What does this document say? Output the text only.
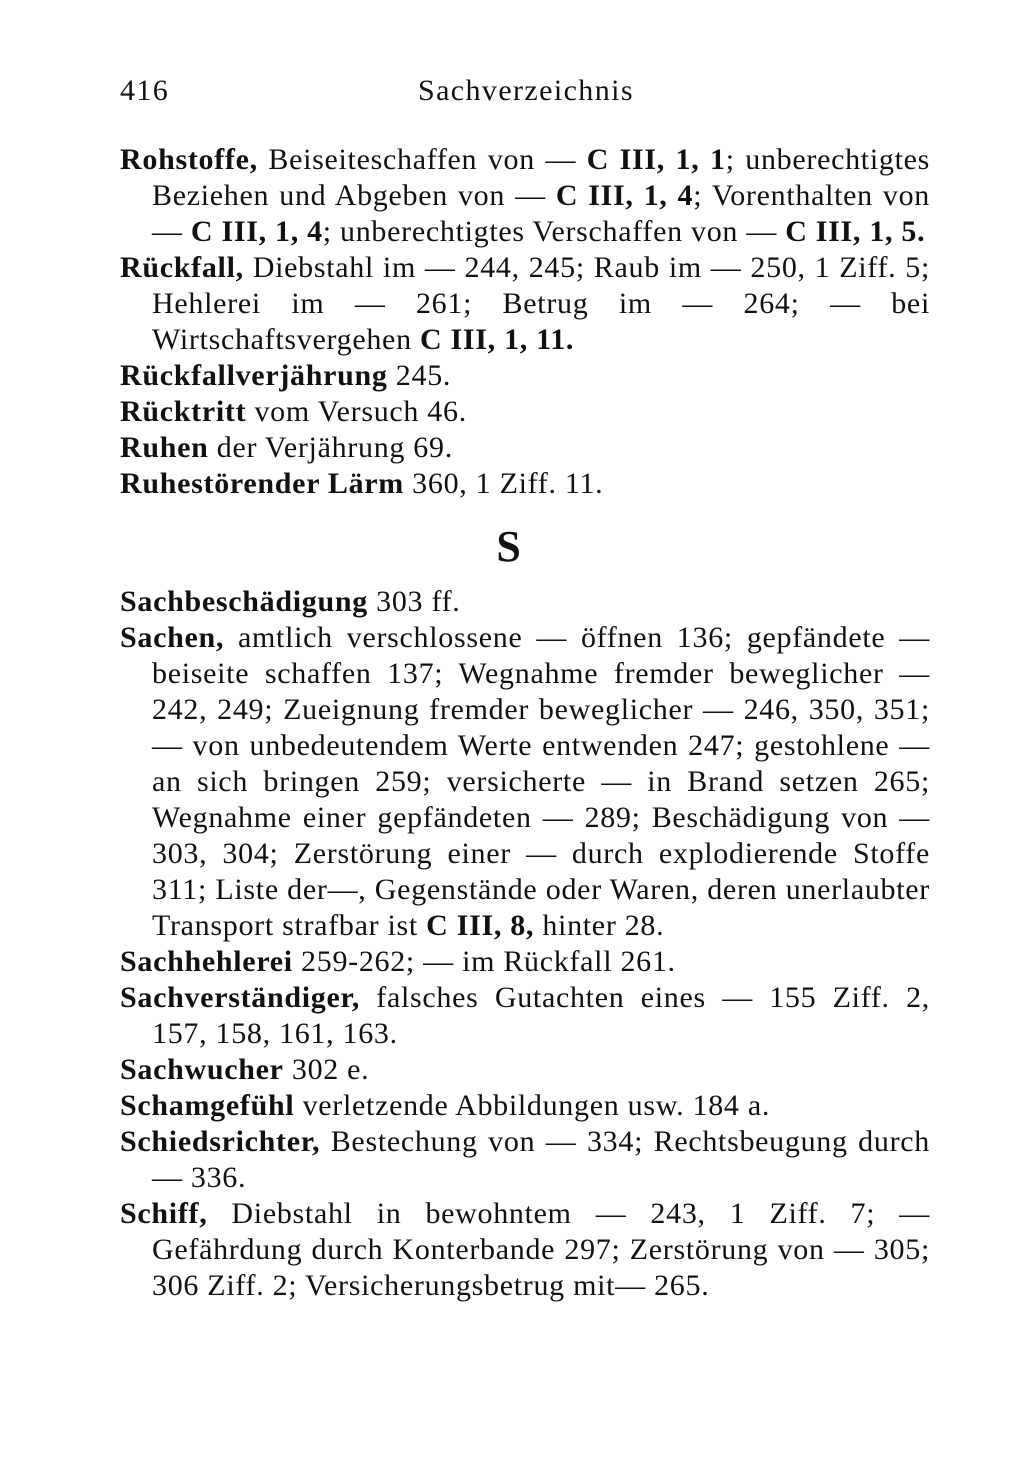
416	Sachverzeichnis
Rohstoffe, Beiseiteschaffen von — C III, 1, 1; unberechtigtes Beziehen und Abgeben von — C III, 1, 4; Vorenthalten von — C III, 1, 4; unberechtigtes Verschaffen von — C III, 1, 5.
Rückfall, Diebstahl im — 244, 245; Raub im — 250, 1 Ziff. 5; Hehlerei im — 261; Betrug im — 264; — bei Wirtschaftsvergehen C III, 1, 11.
Rückfallverjährung 245.
Rücktritt vom Versuch 46.
Ruhen der Verjährung 69.
Ruhestörender Lärm 360, 1 Ziff. 11.
S
Sachbeschädigung 303 ff.
Sachen, amtlich verschlossene — öffnen 136; gepfändete — beiseite schaffen 137; Wegnahme fremder beweglicher — 242, 249; Zueignung fremder beweglicher — 246, 350, 351; — von unbedeutendem Werte entwenden 247; gestohlene — an sich bringen 259; versicherte — in Brand setzen 265; Wegnahme einer gepfändeten — 289; Beschädigung von — 303, 304; Zerstörung einer — durch explodierende Stoffe 311; Liste der—, Gegenstände oder Waren, deren unerlaubter Transport strafbar ist C III, 8, hinter 28.
Sachhehlerei 259-262; — im Rückfall 261.
Sachverständiger, falsches Gutachten eines — 155 Ziff. 2, 157, 158, 161, 163.
Sachwucher 302 e.
Schamgefühl verletzende Abbildungen usw. 184 a.
Schiedsrichter, Bestechung von — 334; Rechtsbeugung durch — 336.
Schiff, Diebstahl in bewohntem — 243, 1 Ziff. 7; — Gefährdung durch Konterbande 297; Zerstörung von — 305; 306 Ziff. 2; Versicherungsbetrug mit— 265.
